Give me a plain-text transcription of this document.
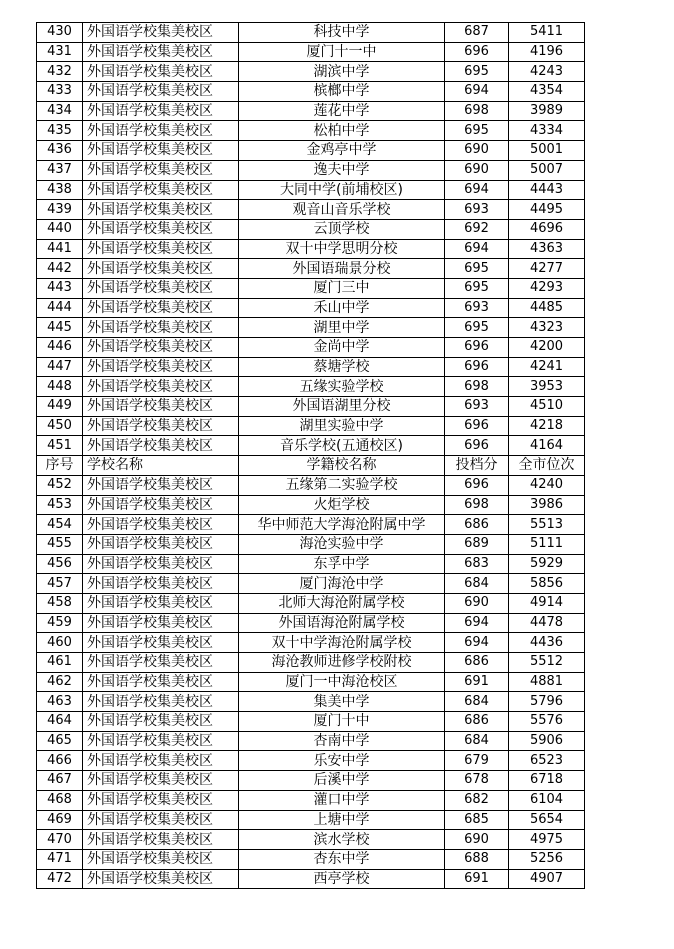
430	外国语学校集美校区	科技中学	687	5411
431	外国语学校集美校区	厦门十一中	696	4196
432	外国语学校集美校区	湖滨中学	695	4243
433	外国语学校集美校区	槟榔中学	694	4354
434	外国语学校集美校区	莲花中学	698	3989
435	外国语学校集美校区	松柏中学	695	4334
436	外国语学校集美校区	金鸡亭中学	690	5001
437	外国语学校集美校区	逸夫中学	690	5007
438	外国语学校集美校区	大同中学(前埔校区)	694	4443
439	外国语学校集美校区	观音山音乐学校	693	4495
440	外国语学校集美校区	云顶学校	692	4696
441	外国语学校集美校区	双十中学思明分校	694	4363
442	外国语学校集美校区	外国语瑞景分校	695	4277
443	外国语学校集美校区	厦门三中	695	4293
444	外国语学校集美校区	禾山中学	693	4485
445	外国语学校集美校区	湖里中学	695	4323
446	外国语学校集美校区	金尚中学	696	4200
447	外国语学校集美校区	蔡塘学校	696	4241
448	外国语学校集美校区	五缘实验学校	698	3953
449	外国语学校集美校区	外国语湖里分校	693	4510
450	外国语学校集美校区	湖里实验中学	696	4218
451	外国语学校集美校区	音乐学校(五通校区)	696	4164
序号	学校名称	学籍校名称	投档分	全市位次
452	外国语学校集美校区	五缘第二实验学校	696	4240
453	外国语学校集美校区	火炬学校	698	3986
454	外国语学校集美校区	华中师范大学海沧附属中学	686	5513
455	外国语学校集美校区	海沧实验中学	689	5111
456	外国语学校集美校区	东孚中学	683	5929
457	外国语学校集美校区	厦门海沧中学	684	5856
458	外国语学校集美校区	北师大海沧附属学校	690	4914
459	外国语学校集美校区	外国语海沧附属学校	694	4478
460	外国语学校集美校区	双十中学海沧附属学校	694	4436
461	外国语学校集美校区	海沧教师进修学校附校	686	5512
462	外国语学校集美校区	厦门一中海沧校区	691	4881
463	外国语学校集美校区	集美中学	684	5796
464	外国语学校集美校区	厦门十中	686	5576
465	外国语学校集美校区	杏南中学	684	5906
466	外国语学校集美校区	乐安中学	679	6523
467	外国语学校集美校区	后溪中学	678	6718
468	外国语学校集美校区	灌口中学	682	6104
469	外国语学校集美校区	上塘中学	685	5654
470	外国语学校集美校区	滨水学校	690	4975
471	外国语学校集美校区	杏东中学	688	5256
472	外国语学校集美校区	西亭学校	691	4907
